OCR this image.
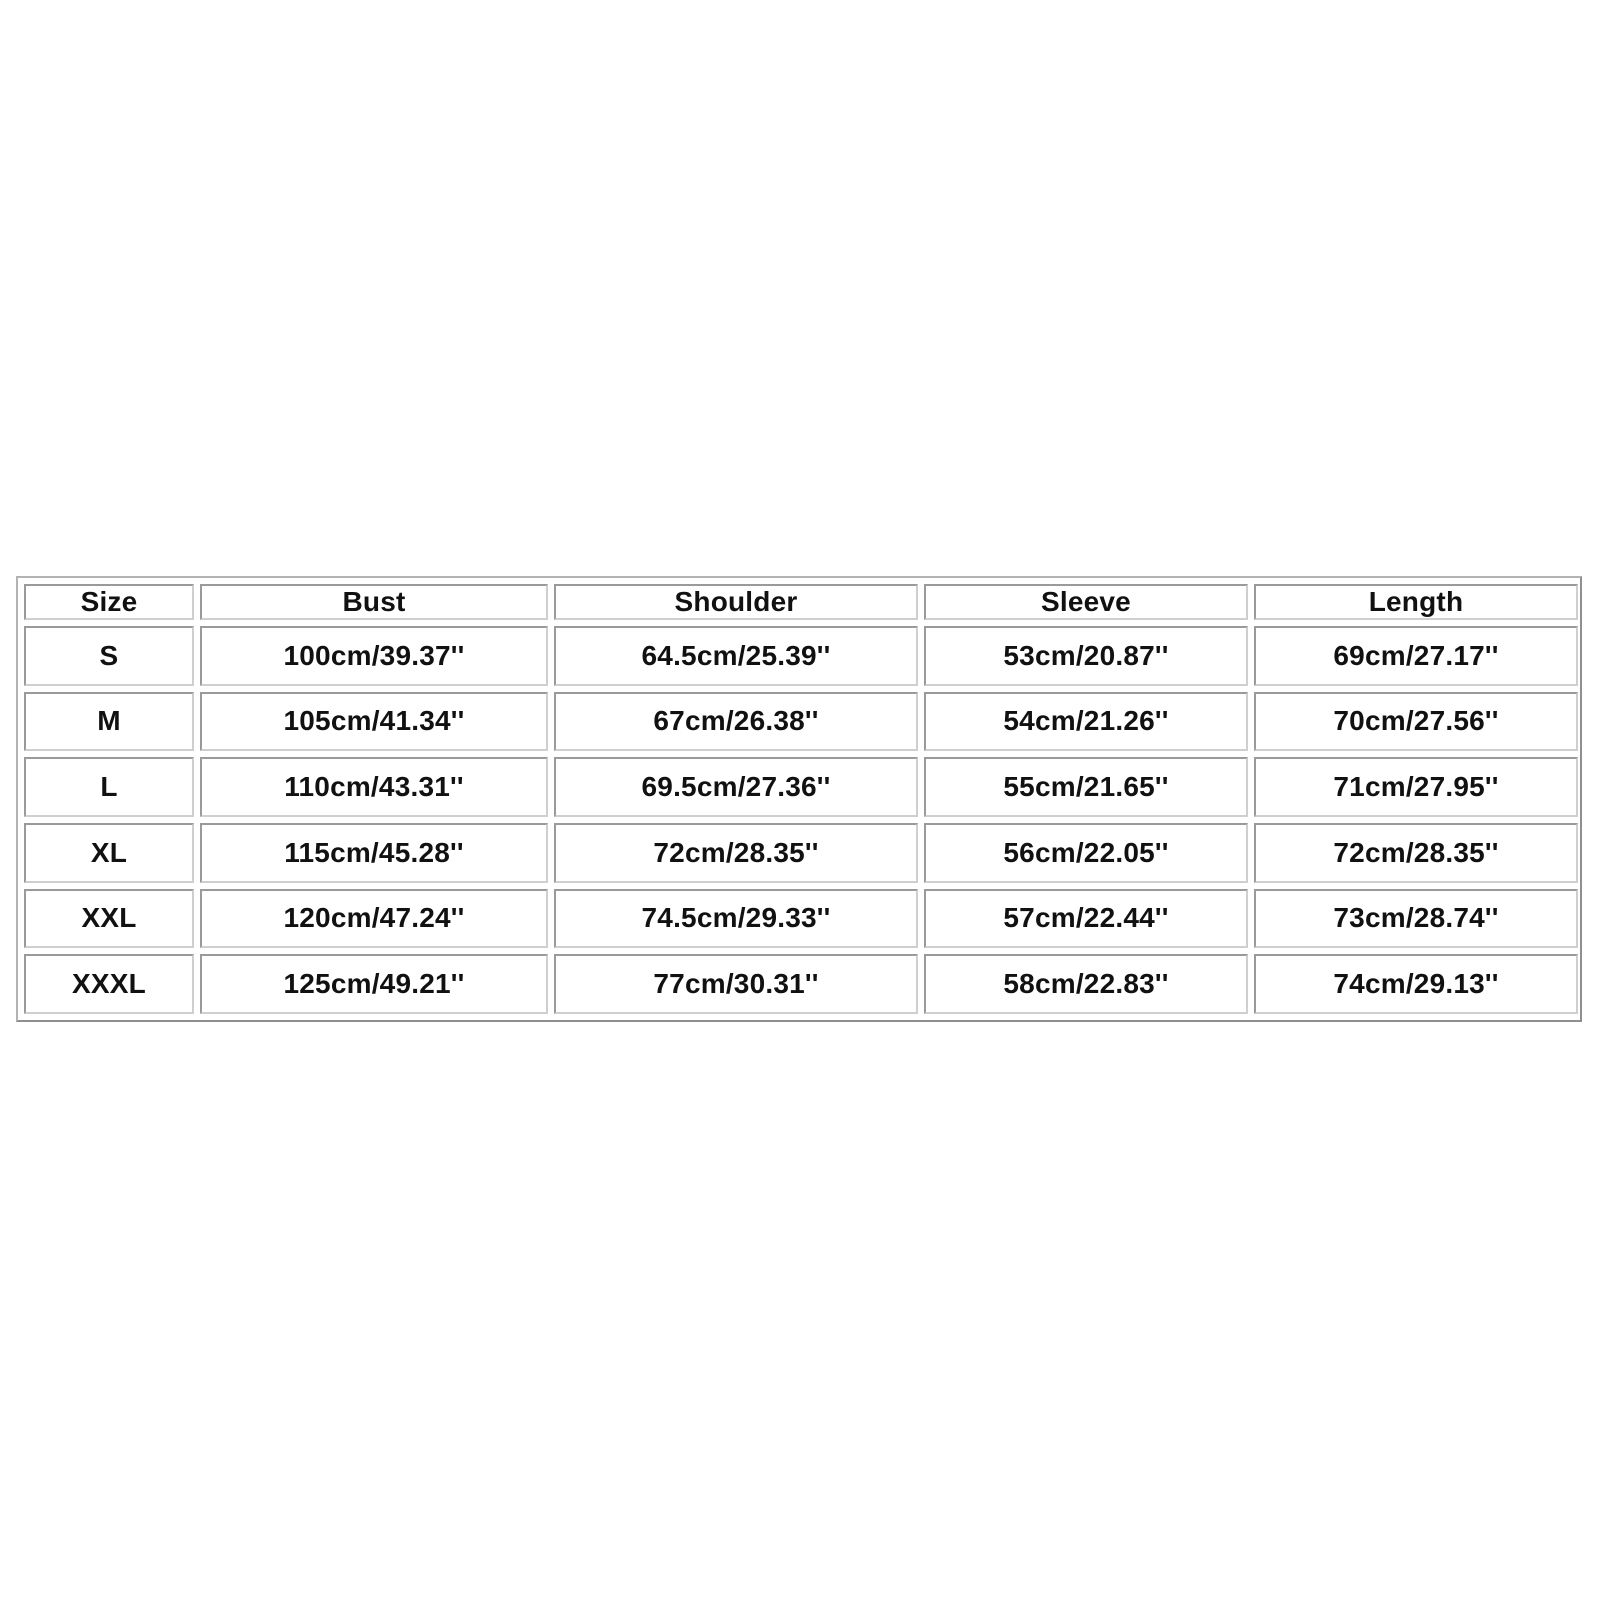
Size	Bust	Shoulder	Sleeve	Length
S	100cm/39.37''	64.5cm/25.39''	53cm/20.87''	69cm/27.17''
M	105cm/41.34''	67cm/26.38''	54cm/21.26''	70cm/27.56''
L	110cm/43.31''	69.5cm/27.36''	55cm/21.65''	71cm/27.95''
XL	115cm/45.28''	72cm/28.35''	56cm/22.05''	72cm/28.35''
XXL	120cm/47.24''	74.5cm/29.33''	57cm/22.44''	73cm/28.74''
XXXL	125cm/49.21''	77cm/30.31''	58cm/22.83''	74cm/29.13''
